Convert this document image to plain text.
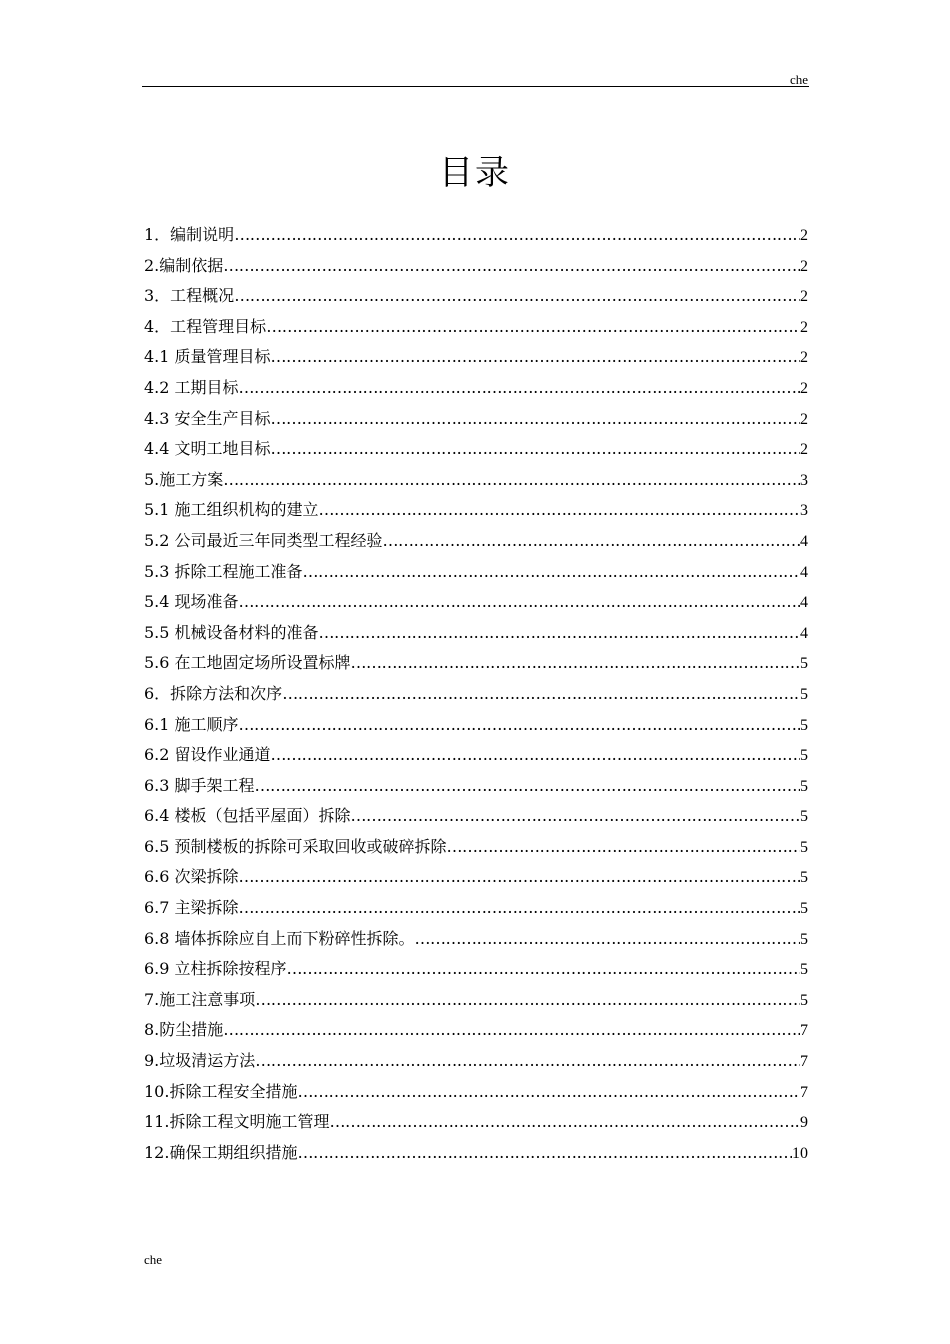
che
目录
1．编制说明 ……………………………………………………………………………………………………………………………………………………………………………………	2
2.编制依据 ……………………………………………………………………………………………………………………………………………………………………………………	2
3．工程概况 ……………………………………………………………………………………………………………………………………………………………………………………	2
4．工程管理目标 ……………………………………………………………………………………………………………………………………………………………………………………	2
4.1 质量管理目标 ……………………………………………………………………………………………………………………………………………………………………………………	2
4.2 工期目标 ……………………………………………………………………………………………………………………………………………………………………………………	2
4.3 安全生产目标 ……………………………………………………………………………………………………………………………………………………………………………………	2
4.4 文明工地目标 ……………………………………………………………………………………………………………………………………………………………………………………	2
5.施工方案 ……………………………………………………………………………………………………………………………………………………………………………………	3
5.1 施工组织机构的建立 ……………………………………………………………………………………………………………………………………………………………………………………	3
5.2 公司最近三年同类型工程经验 ……………………………………………………………………………………………………………………………………………………………………………………	4
5.3 拆除工程施工准备 ……………………………………………………………………………………………………………………………………………………………………………………	4
5.4 现场准备 ……………………………………………………………………………………………………………………………………………………………………………………	4
5.5 机械设备材料的准备 ……………………………………………………………………………………………………………………………………………………………………………………	4
5.6 在工地固定场所设置标牌 ……………………………………………………………………………………………………………………………………………………………………………………	5
6．拆除方法和次序 ……………………………………………………………………………………………………………………………………………………………………………………	5
6.1 施工顺序 ……………………………………………………………………………………………………………………………………………………………………………………	5
6.2 留设作业通道 ……………………………………………………………………………………………………………………………………………………………………………………	5
6.3 脚手架工程 ……………………………………………………………………………………………………………………………………………………………………………………	5
6.4 楼板（包括平屋面）拆除 ……………………………………………………………………………………………………………………………………………………………………………………	5
6.5 预制楼板的拆除可采取回收或破碎拆除 ……………………………………………………………………………………………………………………………………………………………………………………	5
6.6 次梁拆除 ……………………………………………………………………………………………………………………………………………………………………………………	5
6.7 主梁拆除 ……………………………………………………………………………………………………………………………………………………………………………………	5
6.8 墙体拆除应自上而下粉碎性拆除。 ……………………………………………………………………………………………………………………………………………………………………………………	5
6.9 立柱拆除按程序 ……………………………………………………………………………………………………………………………………………………………………………………	5
7.施工注意事项 ……………………………………………………………………………………………………………………………………………………………………………………	5
8.防尘措施 ……………………………………………………………………………………………………………………………………………………………………………………	7
9.垃圾清运方法 ……………………………………………………………………………………………………………………………………………………………………………………	7
10.拆除工程安全措施 ……………………………………………………………………………………………………………………………………………………………………………………	7
11.拆除工程文明施工管理 ……………………………………………………………………………………………………………………………………………………………………………………	9
12.确保工期组织措施 ……………………………………………………………………………………………………………………………………………………………………………………	10
che
